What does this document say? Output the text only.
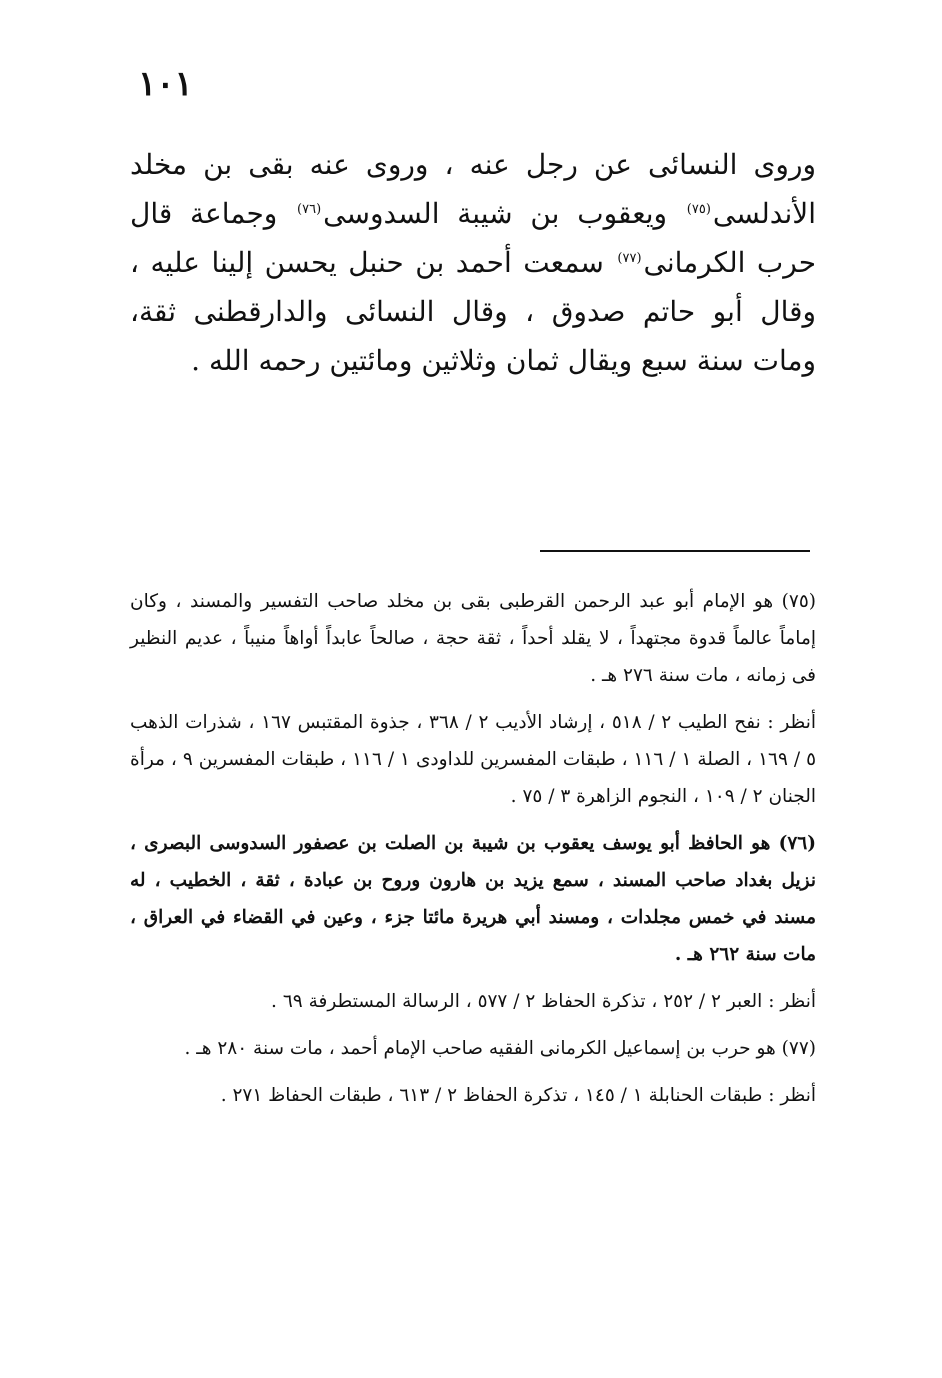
١٠١

وروى النسائى عن رجل عنه ، وروى عنه بقى بن مخلد الأندلسى$^{(٧٥)}$ ويعقوب بن شيبة السدوسى$^{(٧٦)}$ وجماعة قال حرب الكرمانى$^{(٧٧)}$ سمعت أحمد بن حنبل يحسن إلينا عليه ، وقال أبو حاتم صدوق ، وقال النسائى والدارقطنى ثقة، ومات سنة سبع ويقال ثمان وثلاثين ومائتين رحمه الله .

(٧٥) هو الإمام أبو عبد الرحمن القرطبى بقى بن مخلد صاحب التفسير والمسند ، وكان إماماً عالماً قدوة مجتهداً ، لا يقلد أحداً ، ثقة حجة ، صالحاً عابداً أواهاً منيباً ، عديم النظير فى زمانه ، مات سنة ٢٧٦ هـ .

أنظر : نفح الطيب ٢ / ٥١٨ ، إرشاد الأديب ٢ / ٣٦٨ ، جذوة المقتبس ١٦٧ ، شذرات الذهب ٥ / ١٦٩ ، الصلة ١ / ١١٦ ، طبقات المفسرين للداودى ١ / ١١٦ ، طبقات المفسرين ٩ ، مرأة الجنان ٢ / ١٠٩ ، النجوم الزاهرة ٣ / ٧٥ .

(٧٦) هو الحافظ أبو يوسف يعقوب بن شيبة بن الصلت بن عصفور السدوسى البصرى ، نزيل بغداد صاحب المسند ، سمع يزيد بن هارون وروح بن عبادة ، ثقة ، الخطيب ، له مسند في خمس مجلدات ، ومسند أبي هريرة مائتا جزء ، وعين في القضاء في العراق ، مات سنة ٢٦٢ هـ .

أنظر : العبر ٢ / ٢٥٢ ، تذكرة الحفاظ ٢ / ٥٧٧ ، الرسالة المستطرفة ٦٩ .

(٧٧) هو حرب بن إسماعيل الكرمانى الفقيه صاحب الإمام أحمد ، مات سنة ٢٨٠ هـ .

أنظر : طبقات الحنابلة ١ / ١٤٥ ، تذكرة الحفاظ ٢ / ٦١٣ ، طبقات الحفاظ ٢٧١ .
